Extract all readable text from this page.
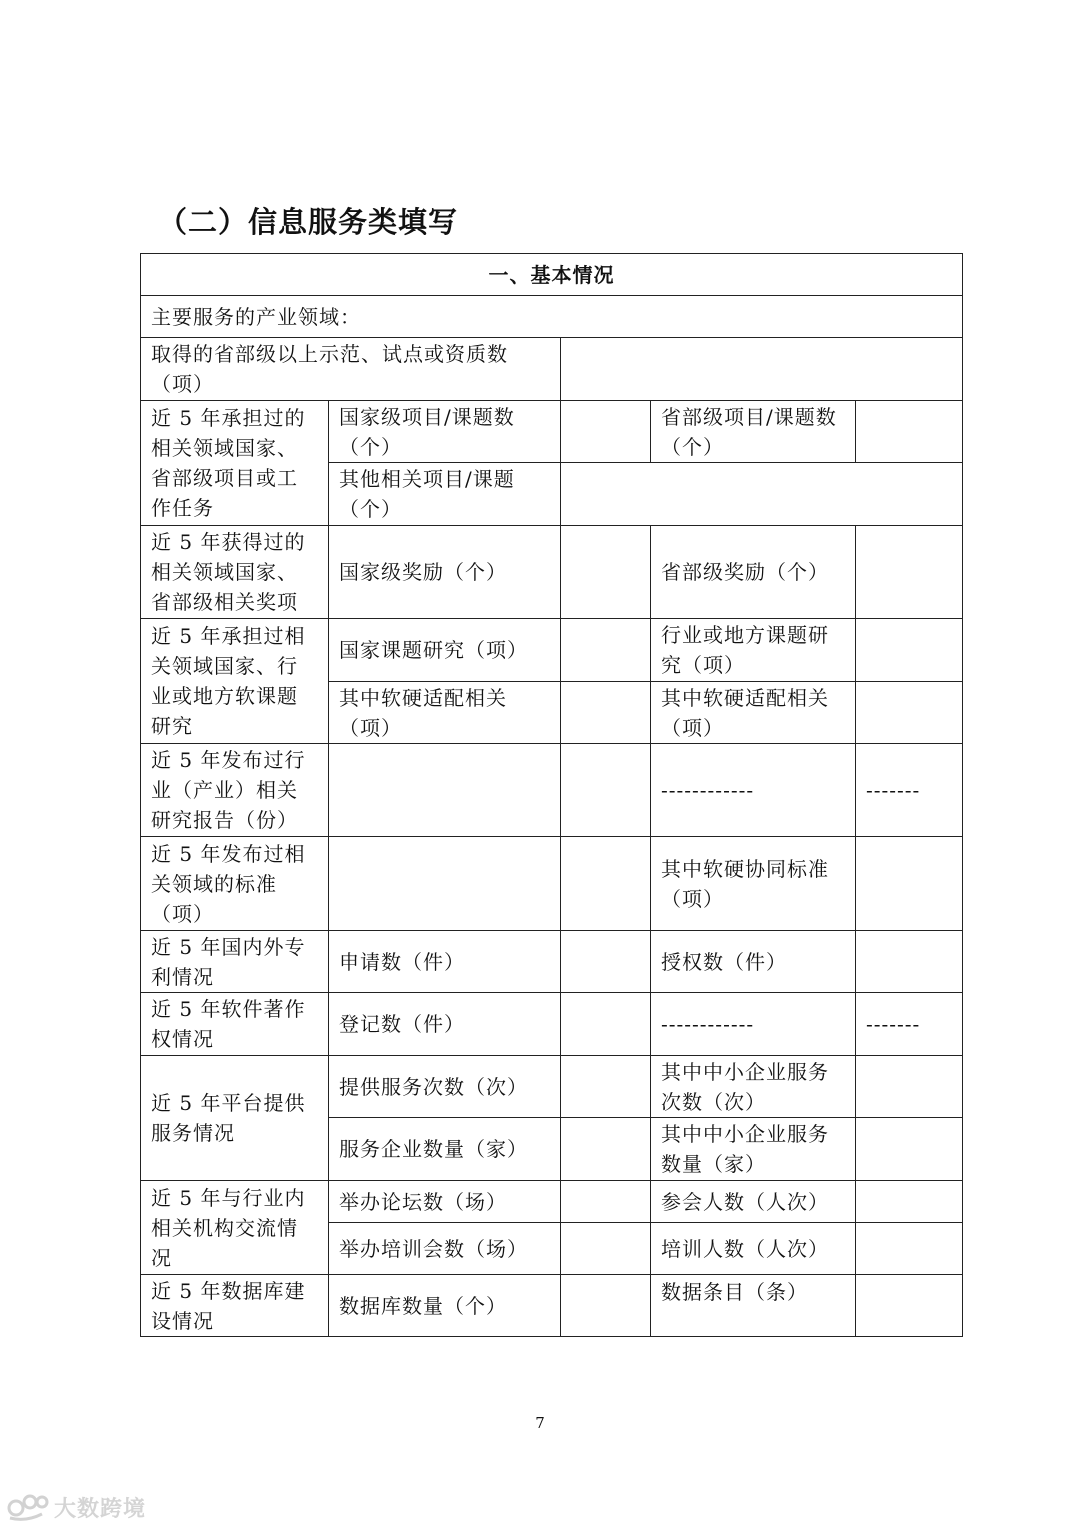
（二）信息服务类填写
一、基本情况				
主要服务的产业领域：				
取得的省部级以上示范、试点或资质数（项）				
近 5 年承担过的相关领域国家、省部级项目或工作任务	国家级项目/课题数（个）		省部级项目/课题数（个）	
	其他相关项目/课题（个）			
近 5 年获得过的相关领域国家、省部级相关奖项	国家级奖励（个）		省部级奖励（个）	
近 5 年承担过相关领域国家、行业或地方软课题研究	国家课题研究（项）		行业或地方课题研究（项）	
	其中软硬适配相关（项）		其中软硬适配相关（项）	
近 5 年发布过行业（产业）相关研究报告（份）			------------	-------
近 5 年发布过相关领域的标准（项）			其中软硬协同标准（项）	
近 5 年国内外专利情况	申请数（件）		授权数（件）	
近 5 年软件著作权情况	登记数（件）		------------	-------
近 5 年平台提供服务情况	提供服务次数（次）		其中中小企业服务次数（次）	
	服务企业数量（家）		其中中小企业服务数量（家）	
近 5 年与行业内相关机构交流情况	举办论坛数（场）		参会人数（人次）	
	举办培训会数（场）		培训人数（人次）	
近 5 年数据库建设情况	数据库数量（个）		数据条目（条）	
7
大数跨境
